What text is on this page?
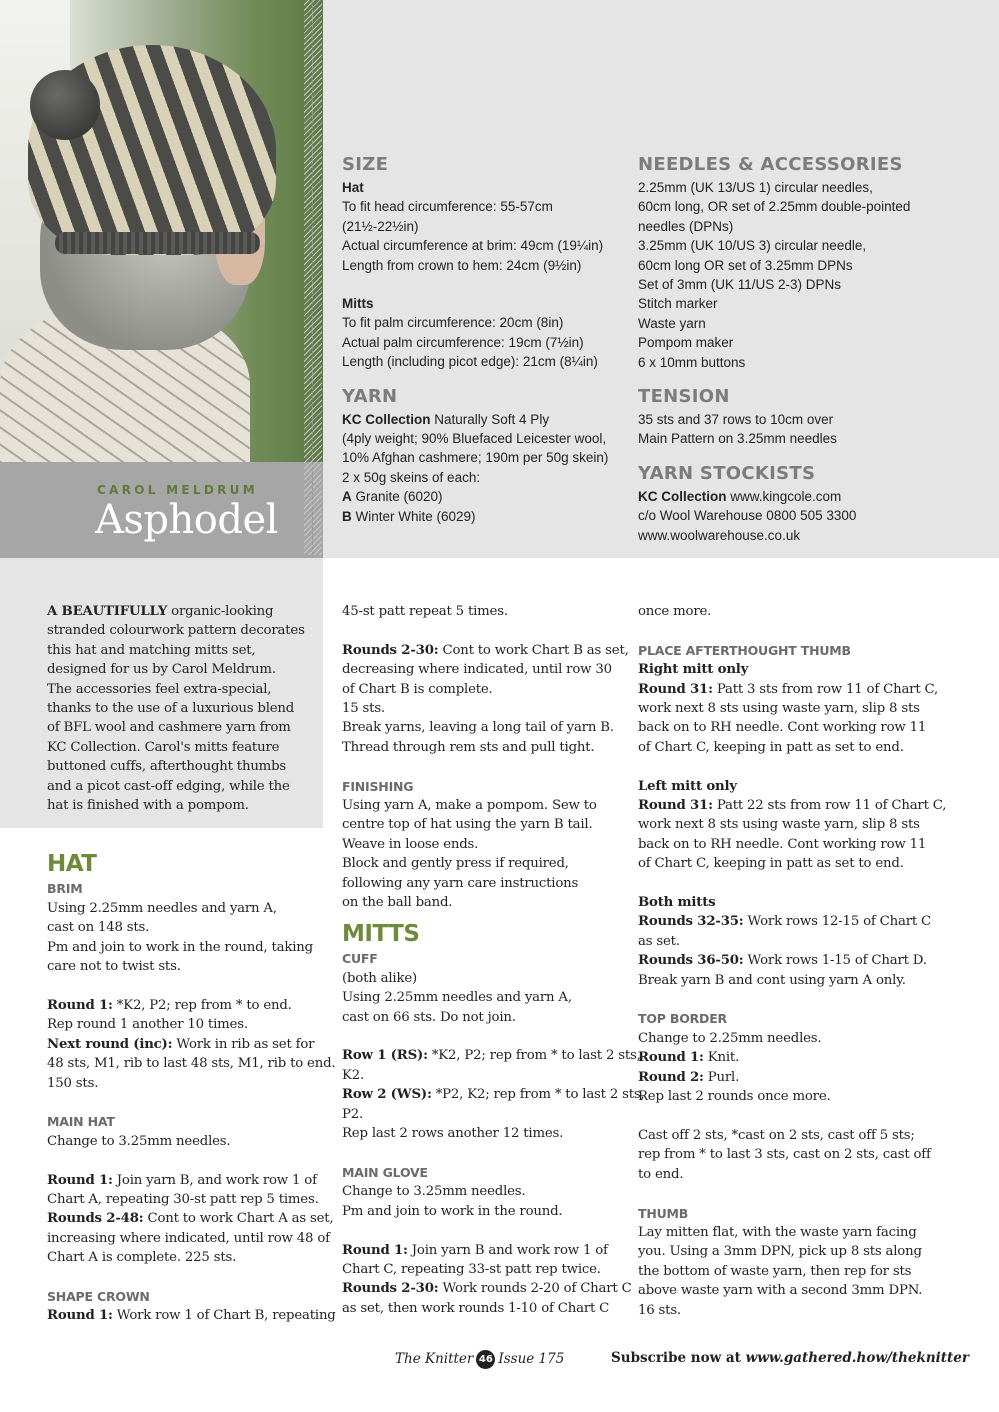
CAROL MELDRUM
Asphodel

SIZE

Hat

To fit head circumference: 55-57cm

(21½-22½in)

Actual circumference at brim: 49cm (19¼in)

Length from crown to hem: 24cm (9½in)

Mitts

To fit palm circumference: 20cm (8in)

Actual palm circumference: 19cm (7½in)

Length (including picot edge): 21cm (8¼in)

YARN

KC Collection Naturally Soft 4 Ply

(4ply weight; 90% Bluefaced Leicester wool,

10% Afghan cashmere; 190m per 50g skein)

2 x 50g skeins of each:

A Granite (6020)

B Winter White (6029)

NEEDLES & ACCESSORIES

2.25mm (UK 13/US 1) circular needles,

60cm long, OR set of 2.25mm double-pointed

needles (DPNs)

3.25mm (UK 10/US 3) circular needle,

60cm long OR set of 3.25mm DPNs

Set of 3mm (UK 11/US 2-3) DPNs

Stitch marker

Waste yarn

Pompom maker

6 x 10mm buttons

TENSION

35 sts and 37 rows to 10cm over

Main Pattern on 3.25mm needles

YARN STOCKISTS

KC Collection www.kingcole.com

c/o Wool Warehouse 0800 505 3300

www.woolwarehouse.co.uk

A BEAUTIFULLY organic-looking

stranded colourwork pattern decorates

this hat and matching mitts set,

designed for us by Carol Meldrum.

The accessories feel extra-special,

thanks to the use of a luxurious blend

of BFL wool and cashmere yarn from

KC Collection. Carol's mitts feature

buttoned cuffs, afterthought thumbs

and a picot cast-off edging, while the

hat is finished with a pompom.

HAT

BRIM

Using 2.25mm needles and yarn A,

cast on 148 sts.

Pm and join to work in the round, taking

care not to twist sts.

Round 1: *K2, P2; rep from * to end.

Rep round 1 another 10 times.

Next round (inc): Work in rib as set for

48 sts, M1, rib to last 48 sts, M1, rib to end.

150 sts.

MAIN HAT

Change to 3.25mm needles.

Round 1: Join yarn B, and work row 1 of

Chart A, repeating 30-st patt rep 5 times.

Rounds 2-48: Cont to work Chart A as set,

increasing where indicated, until row 48 of

Chart A is complete. 225 sts.

SHAPE CROWN

Round 1: Work row 1 of Chart B, repeating

45-st patt repeat 5 times.

Rounds 2-30: Cont to work Chart B as set,

decreasing where indicated, until row 30

of Chart B is complete.

15 sts.

Break yarns, leaving a long tail of yarn B.

Thread through rem sts and pull tight.

FINISHING

Using yarn A, make a pompom. Sew to

centre top of hat using the yarn B tail.

Weave in loose ends.

Block and gently press if required,

following any yarn care instructions

on the ball band.

MITTS

CUFF

(both alike)

Using 2.25mm needles and yarn A,

cast on 66 sts. Do not join.

Row 1 (RS): *K2, P2; rep from * to last 2 sts,

K2.

Row 2 (WS): *P2, K2; rep from * to last 2 sts,

P2.

Rep last 2 rows another 12 times.

MAIN GLOVE

Change to 3.25mm needles.

Pm and join to work in the round.

Round 1: Join yarn B and work row 1 of

Chart C, repeating 33-st patt rep twice.

Rounds 2-30: Work rounds 2-20 of Chart C

as set, then work rounds 1-10 of Chart C

once more.

PLACE AFTERTHOUGHT THUMB

Right mitt only

Round 31: Patt 3 sts from row 11 of Chart C,

work next 8 sts using waste yarn, slip 8 sts

back on to RH needle. Cont working row 11

of Chart C, keeping in patt as set to end.

Left mitt only

Round 31: Patt 22 sts from row 11 of Chart C,

work next 8 sts using waste yarn, slip 8 sts

back on to RH needle. Cont working row 11

of Chart C, keeping in patt as set to end.

Both mitts

Rounds 32-35: Work rows 12-15 of Chart C

as set.

Rounds 36-50: Work rows 1-15 of Chart D.

Break yarn B and cont using yarn A only.

TOP BORDER

Change to 2.25mm needles.

Round 1: Knit.

Round 2: Purl.

Rep last 2 rounds once more.

Cast off 2 sts, *cast on 2 sts, cast off 5 sts;

rep from * to last 3 sts, cast on 2 sts, cast off

to end.

THUMB

Lay mitten flat, with the waste yarn facing

you. Using a 3mm DPN, pick up 8 sts along

the bottom of waste yarn, then rep for sts

above waste yarn with a second 3mm DPN.

16 sts.

The Knitter 46 Issue 175	Subscribe now at www.gathered.how/theknitter
